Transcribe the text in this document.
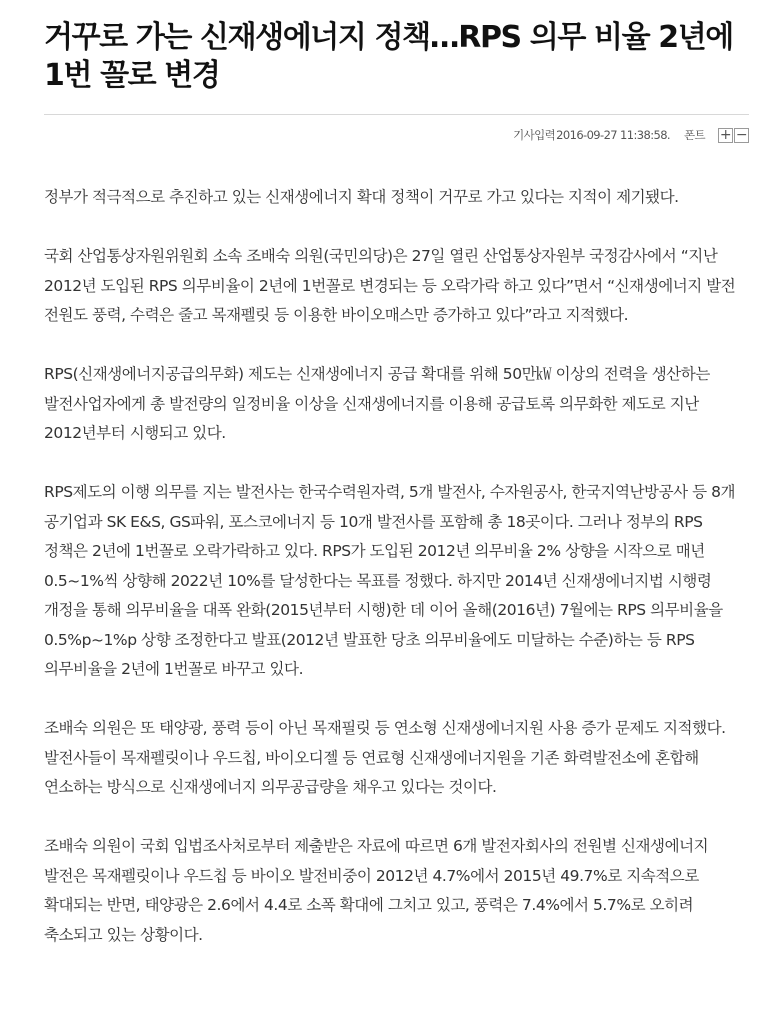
거꾸로 가는 신재생에너지 정책…RPS 의무 비율 2년에 1번 꼴로 변경
기사입력 2016-09-27 11:38:58. 폰트 + −

정부가 적극적으로 추진하고 있는 신재생에너지 확대 정책이 거꾸로 가고 있다는 지적이 제기됐다.

국회 산업통상자원위원회 소속 조배숙 의원(국민의당)은 27일 열린 산업통상자원부 국정감사에서 “지난 2012년 도입된 RPS 의무비율이 2년에 1번꼴로 변경되는 등 오락가락 하고 있다”면서 “신재생에너지 발전 전원도 풍력, 수력은 줄고 목재펠릿 등 이용한 바이오매스만 증가하고 있다”라고 지적했다.

RPS(신재생에너지공급의무화) 제도는 신재생에너지 공급 확대를 위해 50만㎾ 이상의 전력을 생산하는 발전사업자에게 총 발전량의 일정비율 이상을 신재생에너지를 이용해 공급토록 의무화한 제도로 지난 2012년부터 시행되고 있다.

RPS제도의 이행 의무를 지는 발전사는 한국수력원자력, 5개 발전사, 수자원공사, 한국지역난방공사 등 8개 공기업과 SK E&S, GS파워, 포스코에너지 등 10개 발전사를 포함해 총 18곳이다. 그러나 정부의 RPS 정책은 2년에 1번꼴로 오락가락하고 있다. RPS가 도입된 2012년 의무비율 2% 상향을 시작으로 매년 0.5~1%씩 상향해 2022년 10%를 달성한다는 목표를 정했다. 하지만 2014년 신재생에너지법 시행령 개정을 통해 의무비율을 대폭 완화(2015년부터 시행)한 데 이어 올해(2016년) 7월에는 RPS 의무비율을 0.5%p~1%p 상향 조정한다고 발표(2012년 발표한 당초 의무비율에도 미달하는 수준)하는 등 RPS 의무비율을 2년에 1번꼴로 바꾸고 있다.

조배숙 의원은 또 태양광, 풍력 등이 아닌 목재필릿 등 연소형 신재생에너지원 사용 증가 문제도 지적했다. 발전사들이 목재펠릿이나 우드칩, 바이오디젤 등 연료형 신재생에너지원을 기존 화력발전소에 혼합해 연소하는 방식으로 신재생에너지 의무공급량을 채우고 있다는 것이다.

조배숙 의원이 국회 입법조사처로부터 제출받은 자료에 따르면 6개 발전자회사의 전원별 신재생에너지 발전은 목재펠릿이나 우드칩 등 바이오 발전비중이 2012년 4.7%에서 2015년 49.7%로 지속적으로 확대되는 반면, 태양광은 2.6에서 4.4로 소폭 확대에 그치고 있고, 풍력은 7.4%에서 5.7%로 오히려 축소되고 있는 상황이다.
